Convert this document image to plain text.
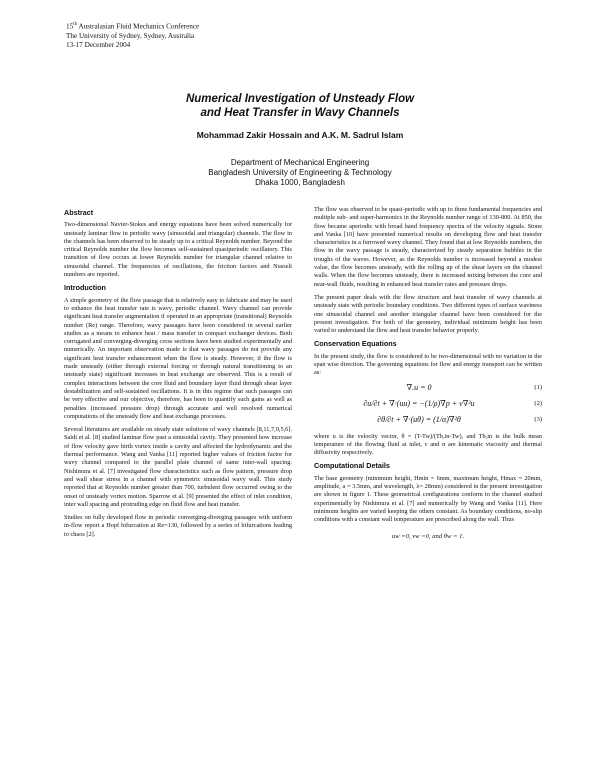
15th Australasian Fluid Mechanics Conference
The University of Sydney, Sydney, Australia
13-17 December 2004
Numerical Investigation of Unsteady Flow
and Heat Transfer in Wavy Channels
Mohammad Zakir Hossain and A.K. M. Sadrul Islam
Department of Mechanical Engineering
Bangladesh University of Engineering & Technology
Dhaka 1000, Bangladesh
Abstract

Two-dimensional Navier-Stokes and energy equations have been solved numerically for unsteady laminar flow in periodic wavy (sinusoidal and triangular) channels. The flow in the channels has been observed to be steady up to a critical Reynolds number. Beyond the critical Reynolds number the flow becomes self-sustained quasiperiodic oscillatory. This transition of flow occurs at lower Reynolds number for triangular channel relative to sinusoidal channel. The frequencies of oscillations, the friction factors and Nusselt numbers are reported.

Introduction

A simple geometry of the flow passage that is relatively easy to fabricate and may be used to enhance the heat transfer rate is wavy, periodic channel. Wavy channel can provide significant heat transfer augmentation if operated in an appropriate (transitional) Reynolds number (Re) range. Therefore, wavy passages have been considered in several earlier studies as a means to enhance heat / mass transfer in compact exchanger devices. Both corrugated and converging-diverging cross sections have been studied experimentally and numerically. An important observation made is that wavy passages do not provide any significant heat transfer enhancement when the flow is steady. However, if the flow is made unsteady (either through external forcing or through natural transitioning to an unsteady state) significant increases in heat exchange are observed. This is a result of complex interactions between the core fluid and boundary layer fluid through shear layer destabilization and self-sustained oscillations. It is in this regime that such passages can be very effective and our objective, therefore, has been to quantify such gains as well as penalties (increased pressure drop) through accurate and well resolved numerical computations of the unsteady flow and heat exchange processes.

Several literatures are available on steady state solutions of wavy channels [8,11,7,9,5,6]. Saidi et al. [8] studied laminar flow past a sinusoidal cavity. They presented how increase of flow velocity gave birth vortex inside a cavity and affected the hydrodynamic and the thermal performance. Wang and Vanka [11] reported higher values of friction factor for wavy channel compared to the parallel plate channel of same inter-wall spacing. Nishimura et al. [7] investigated flow characteristics such as flow pattern, pressure drop and wall shear stress in a channel with symmetric sinusoidal wavy wall. This study reported that at Reynolds number greater than 700, turbulent flow occurred owing to the onset of unsteady vortex motion. Sparrow et al. [9] presented the effect of inlet condition, inter wall spacing and protruding edge on fluid flow and heat transfer.

Studies on fully developed flow in periodic converging-diverging passages with uniform in-flow report a Hopf bifurcation at Re=130, followed by a series of bifurcations leading to chaos [2].

The flow was observed to be quasi-periodic with up to three fundamental frequencies and multiple sub- and super-harmonics in the Reynolds number range of 130-800. At 850, the flow became aperiodic with broad band frequency spectra of the velocity signals. Stone and Vanka [10] have presented numerical results on developing flow and heat transfer characteristics in a furrowed wavy channel. They found that at low Reynolds numbers, the flow in the wavy passage is steady, characterized by steady separation bubbles in the troughs of the waves. However, as the Reynolds number is increased beyond a modest value, the flow becomes unsteady, with the rolling up of the shear layers on the channel walls. When the flow becomes unsteady, there is increased mixing between the core and near-wall fluids, resulting in enhanced heat transfer rates and pressure drops.

The present paper deals with the flow structure and heat transfer of wavy channels at unsteady state with periodic boundary conditions. Two different types of surface waviness one sinusoidal channel and another triangular channel have been considered for the present investigation. For both of the geometry, individual minimum height has been varied to understand the flow and heat transfer behavior properly.

Conservation Equations

In the present study, the flow is considered to be two-dimensional with no variation in the span wise direction. The governing equations for flow and energy transport can be written as:

∇.u = 0	(1)
∂u/∂t + ∇·(uu) = −(1/ρ)∇p + ν∇²u	(2)
∂θ/∂t + ∇·(uθ) = (1/α)∇²θ	(3)

where u is the velocity vector, θ = (T-Tw)/(Tb,in-Tw), and Tb,in is the bulk mean temperature of the flowing fluid at inlet, ν and α are kinematic viscosity and thermal diffusivity respectively.

Computational Details

The base geometry (minimum height, Hmin = 6mm, maximum height, Hmax = 20mm, amplitude, a = 3.5mm, and wavelength, λ= 28mm) considered in the present investigation are shown in figure 1. These geometrical configurations conform to the channel studied experimentally by Nishimura et al. [7] and numerically by Wang and Vanka [11]. Here minimum heights are varied keeping the others constant. As boundary conditions, no-slip conditions with a constant wall temperature are prescribed along the wall. Thus

uw =0, vw =0, and θw = 1.
